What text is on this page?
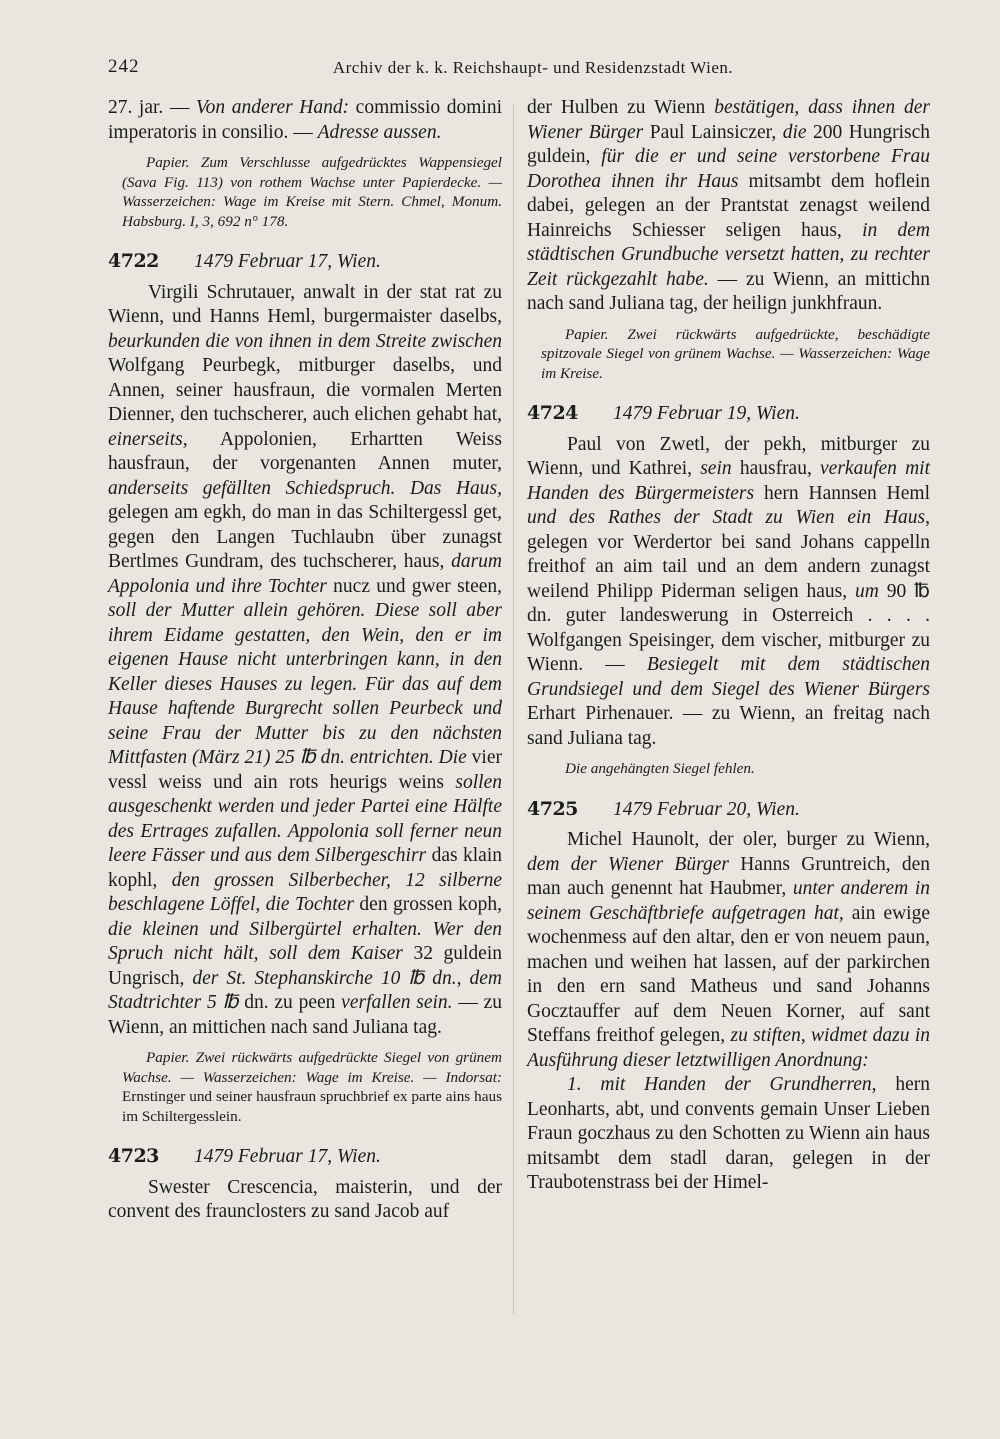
242	Archiv der k. k. Reichshaupt- und Residenzstadt Wien.

27. jar. — Von anderer Hand: commissio domini imperatoris in consilio. — Adresse aussen.

Papier. Zum Verschlusse aufgedrücktes Wappensiegel (Sava Fig. 113) von rothem Wachse unter Papierdecke. — Wasserzeichen: Wage im Kreise mit Stern. Chmel, Monum. Habsburg. I, 3, 692 n° 178.

4722 1479 Februar 17, Wien.

Virgili Schrutauer, anwalt in der stat rat zu Wienn, und Hanns Heml, burgermaister daselbs, beurkunden die von ihnen in dem Streite zwischen Wolfgang Peurbegk, mitburger daselbs, und Annen, seiner hausfraun, die vormalen Merten Dienner, den tuchscherer, auch elichen gehabt hat, einerseits, Appolonien, Erhartten Weiss hausfraun, der vorgenanten Annen muter, anderseits gefällten Schiedspruch. Das Haus, gelegen am egkh, do man in das Schiltergessl get, gegen den Langen Tuchlaubn über zunagst Bertlmes Gundram, des tuchscherer, haus, darum Appolonia und ihre Tochter nucz und gwer steen, soll der Mutter allein gehören. Diese soll aber ihrem Eidame gestatten, den Wein, den er im eigenen Hause nicht unterbringen kann, in den Keller dieses Hauses zu legen. Für das auf dem Hause haftende Burgrecht sollen Peurbeck und seine Frau der Mutter bis zu den nächsten Mittfasten (März 21) 25 ℔ dn. entrichten. Die vier vessl weiss und ain rots heurigs weins sollen ausgeschenkt werden und jeder Partei eine Hälfte des Ertrages zufallen. Appolonia soll ferner neun leere Fässer und aus dem Silbergeschirr das klain kophl, den grossen Silberbecher, 12 silberne beschlagene Löffel, die Tochter den grossen koph, die kleinen und Silbergürtel erhalten. Wer den Spruch nicht hält, soll dem Kaiser 32 guldein Ungrisch, der St. Stephanskirche 10 ℔ dn., dem Stadtrichter 5 ℔ dn. zu peen verfallen sein. — zu Wienn, an mittichen nach sand Juliana tag.

Papier. Zwei rückwärts aufgedrückte Siegel von grünem Wachse. — Wasserzeichen: Wage im Kreise. — Indorsat: Ernstinger und seiner hausfraun spruchbrief ex parte ains haus im Schiltergesslein.

4723 1479 Februar 17, Wien.

Swester Crescencia, maisterin, und der convent des fraunclosters zu sand Jacob auf

der Hulben zu Wienn bestätigen, dass ihnen der Wiener Bürger Paul Lainsiczer, die 200 Hungrisch guldein, für die er und seine verstorbene Frau Dorothea ihnen ihr Haus mitsambt dem hoflein dabei, gelegen an der Prantstat zenagst weilend Hainreichs Schiesser seligen haus, in dem städtischen Grundbuche versetzt hatten, zu rechter Zeit rückgezahlt habe. — zu Wienn, an mittichn nach sand Juliana tag, der heilign junkhfraun.

Papier. Zwei rückwärts aufgedrückte, beschädigte spitzovale Siegel von grünem Wachse. — Wasserzeichen: Wage im Kreise.

4724 1479 Februar 19, Wien.

Paul von Zwetl, der pekh, mitburger zu Wienn, und Kathrei, sein hausfrau, verkaufen mit Handen des Bürgermeisters hern Hannsen Heml und des Rathes der Stadt zu Wien ein Haus, gelegen vor Werdertor bei sand Johans cappelln freithof an aim tail und an dem andern zunagst weilend Philipp Piderman seligen haus, um 90 ℔ dn. guter landeswerung in Osterreich . . . . Wolfgangen Speisinger, dem vischer, mitburger zu Wienn. — Besiegelt mit dem städtischen Grundsiegel und dem Siegel des Wiener Bürgers Erhart Pirhenauer. — zu Wienn, an freitag nach sand Juliana tag.

Die angehängten Siegel fehlen.

4725 1479 Februar 20, Wien.

Michel Haunolt, der oler, burger zu Wienn, dem der Wiener Bürger Hanns Gruntreich, den man auch genennt hat Haubmer, unter anderem in seinem Geschäftbriefe aufgetragen hat, ain ewige wochenmess auf den altar, den er von neuem paun, machen und weihen hat lassen, auf der parkirchen in den ern sand Matheus und sand Johanns Gocztauffer auf dem Neuen Korner, auf sant Steffans freithof gelegen, zu stiften, widmet dazu in Ausführung dieser letztwilligen Anordnung:

1. mit Handen der Grundherren, hern Leonharts, abt, und convents gemain Unser Lieben Fraun goczhaus zu den Schotten zu Wienn ain haus mitsambt dem stadl daran, gelegen in der Traubotenstrass bei der Himel-
